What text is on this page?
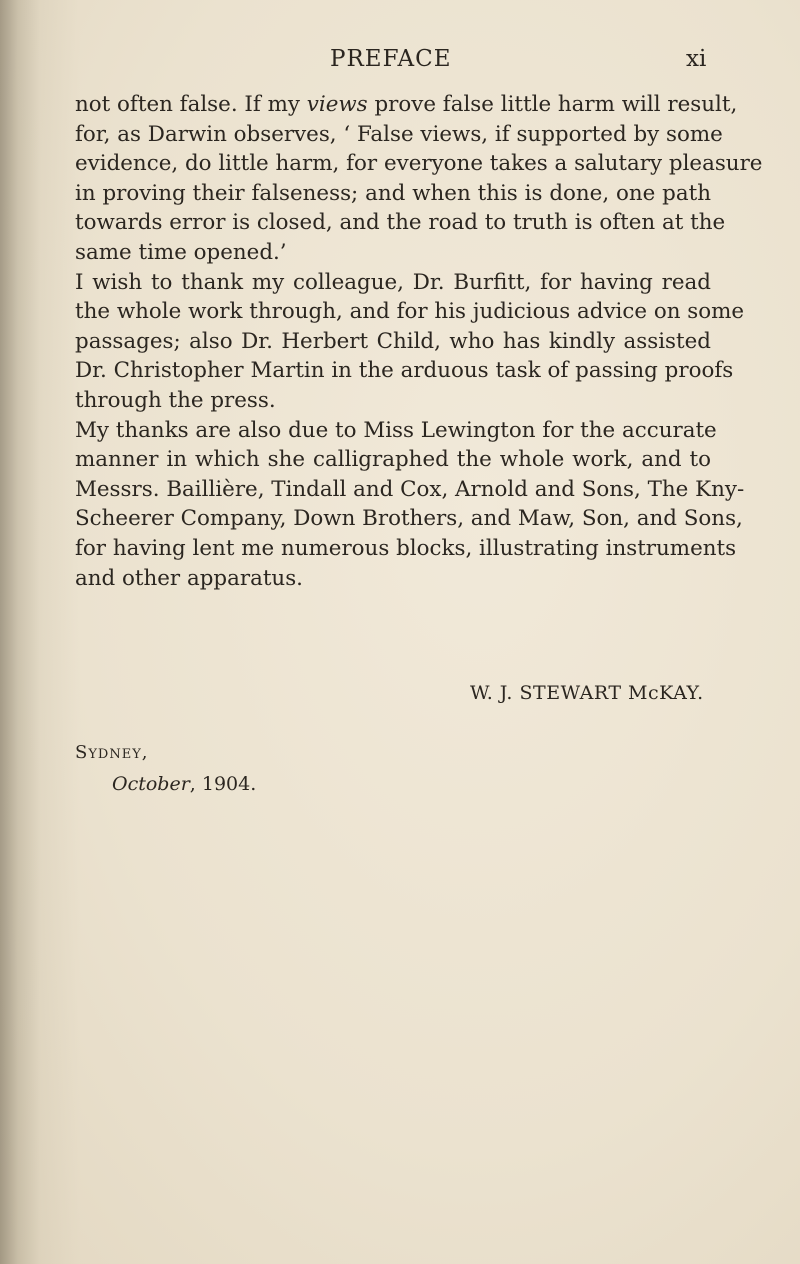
PREFACE	xi

not often false. If my views prove false little harm will result,
for, as Darwin observes, ‘ False views, if supported by some
evidence, do little harm, for everyone takes a salutary pleasure
in proving their falseness; and when this is done, one path
towards error is closed, and the road to truth is often at the
same time opened.’

I wish to thank my colleague, Dr. Burfitt, for having read
the whole work through, and for his judicious advice on some
passages; also Dr. Herbert Child, who has kindly assisted
Dr. Christopher Martin in the arduous task of passing proofs
through the press.

My thanks are also due to Miss Lewington for the accurate
manner in which she calligraphed the whole work, and to
Messrs. Baillière, Tindall and Cox, Arnold and Sons, The Kny-
Scheerer Company, Down Brothers, and Maw, Son, and Sons,
for having lent me numerous blocks, illustrating instruments
and other apparatus.

W. J. STEWART McKAY.
Sydney,
October, 1904.
